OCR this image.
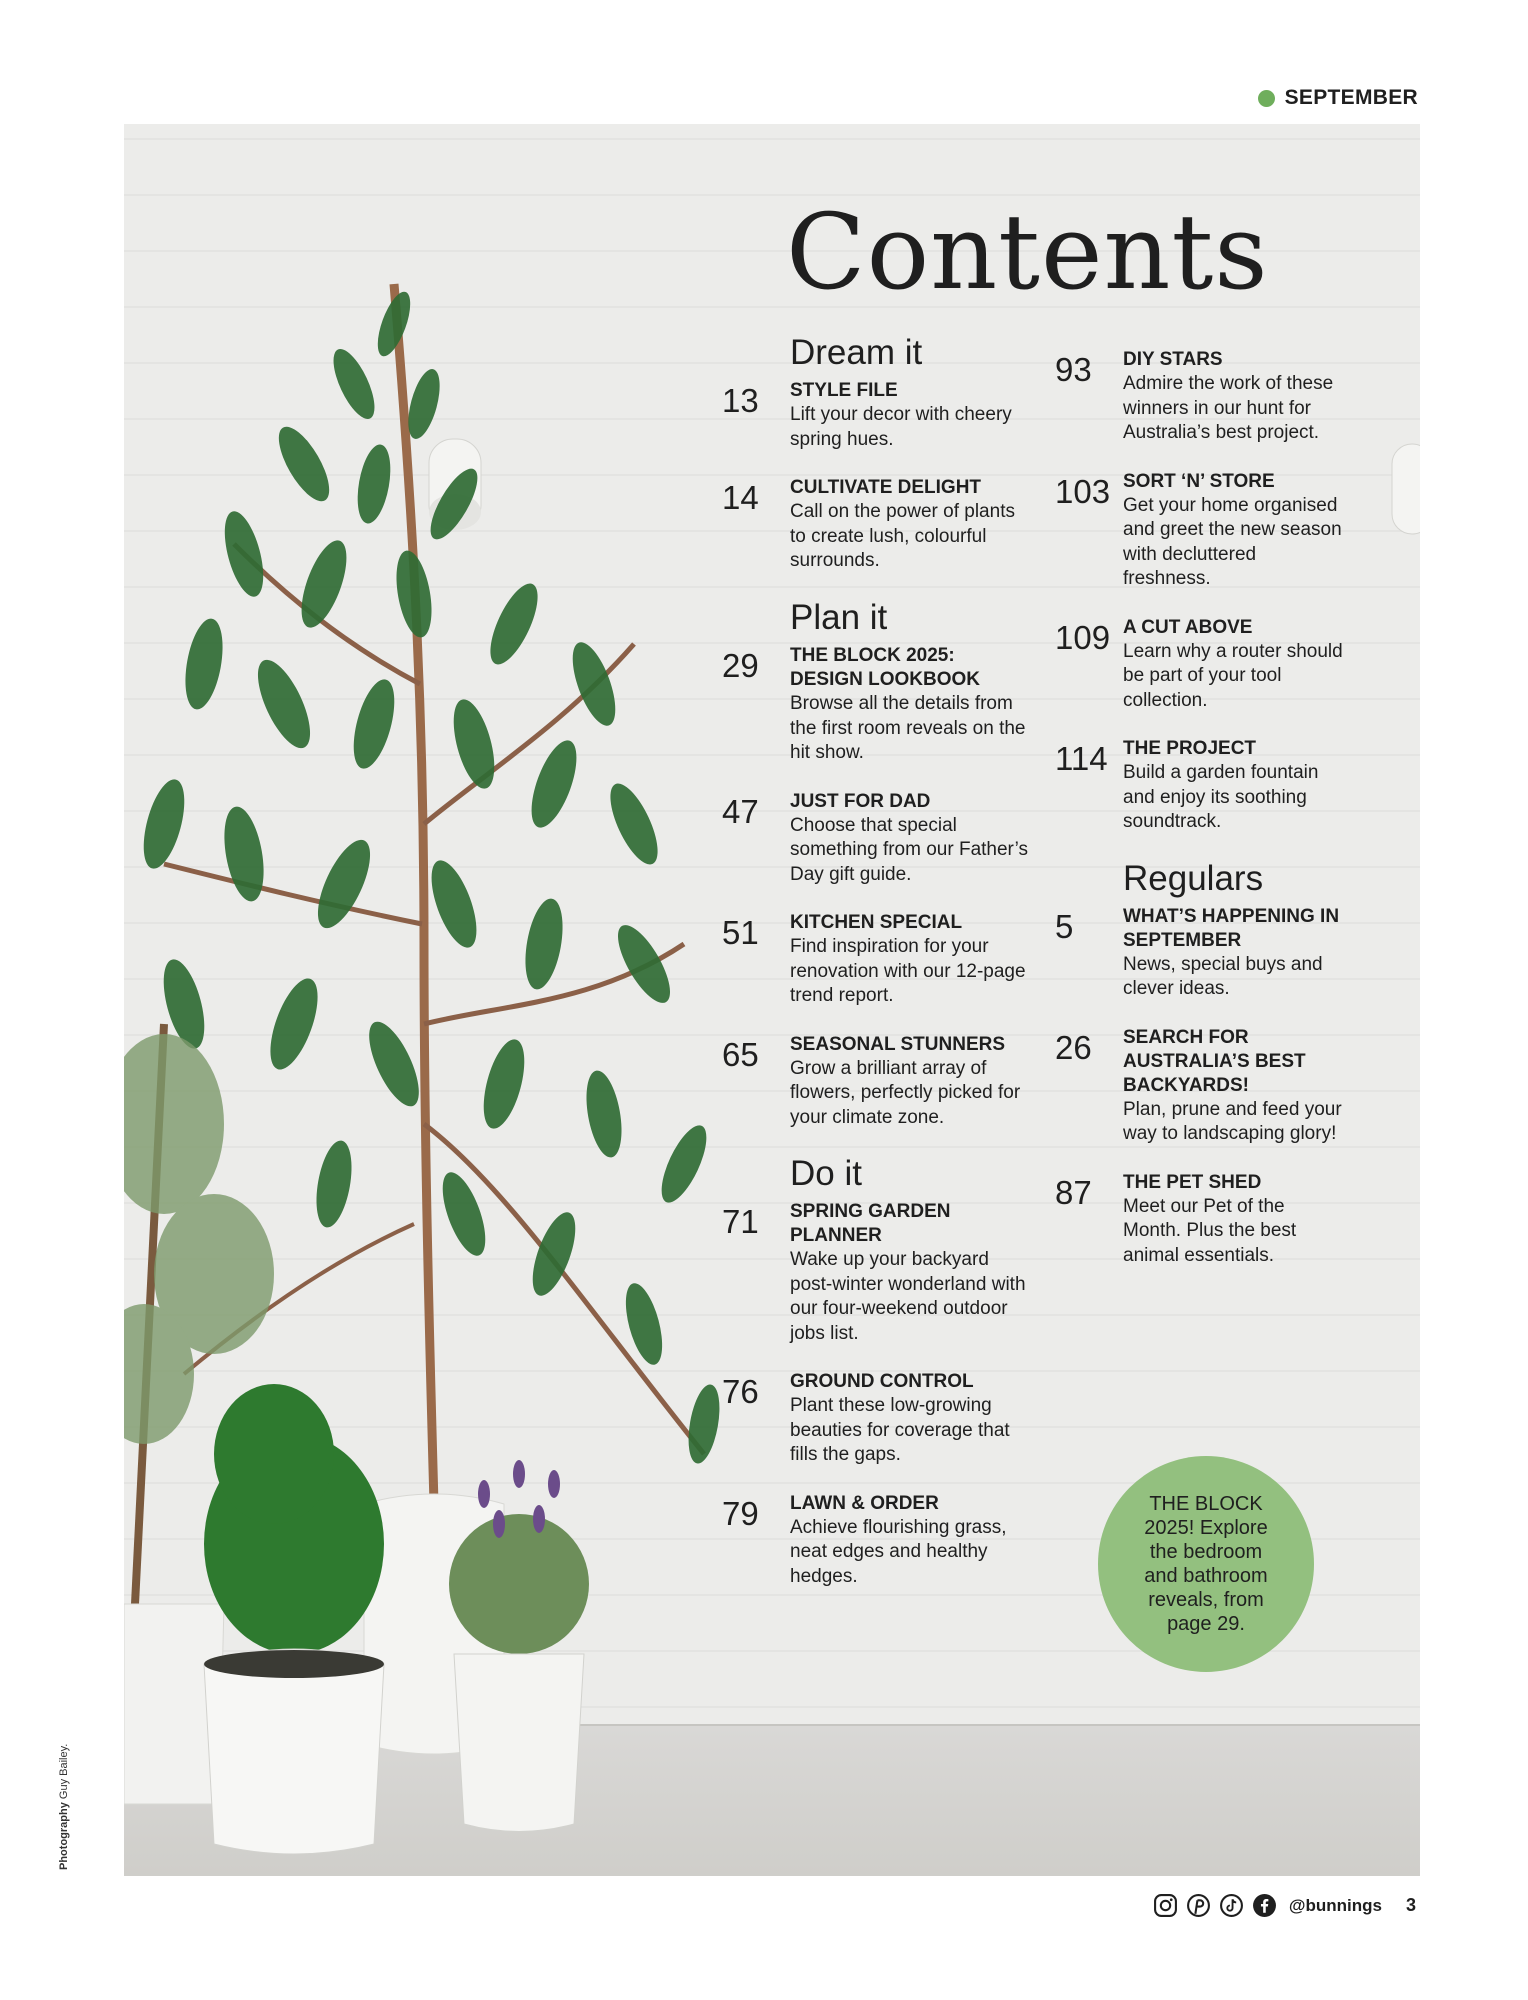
SEPTEMBER
Contents
Dream it
13	STYLE FILE
Lift your decor with cheery spring hues.
14	CULTIVATE DELIGHT
Call on the power of plants to create lush, colourful surrounds.
Plan it
29	THE BLOCK 2025: DESIGN LOOKBOOK
Browse all the details from the first room reveals on the hit show.
47	JUST FOR DAD
Choose that special something from our Father’s Day gift guide.
51	KITCHEN SPECIAL
Find inspiration for your renovation with our 12-page trend report.
65	SEASONAL STUNNERS
Grow a brilliant array of flowers, perfectly picked for your climate zone.
Do it
71	SPRING GARDEN PLANNER
Wake up your backyard post-winter wonderland with our four-weekend outdoor jobs list.
76	GROUND CONTROL
Plant these low-growing beauties for coverage that fills the gaps.
79	LAWN & ORDER
Achieve flourishing grass, neat edges and healthy hedges.
93	DIY STARS
Admire the work of these winners in our hunt for Australia’s best project.
103 SORT ‘N’ STORE
Get your home organised and greet the new season with decluttered freshness.
109 A CUT ABOVE
Learn why a router should be part of your tool collection.
114 THE PROJECT
Build a garden fountain and enjoy its soothing soundtrack.
Regulars
5	WHAT’S HAPPENING IN SEPTEMBER
News, special buys and clever ideas.
26	SEARCH FOR AUSTRALIA’S BEST BACKYARDS!
Plan, prune and feed your way to landscaping glory!
87	THE PET SHED
Meet our Pet of the Month. Plus the best animal essentials.
THE BLOCK 2025! Explore the bedroom and bathroom reveals, from page 29.
Photography Guy Bailey.
@bunnings 3
